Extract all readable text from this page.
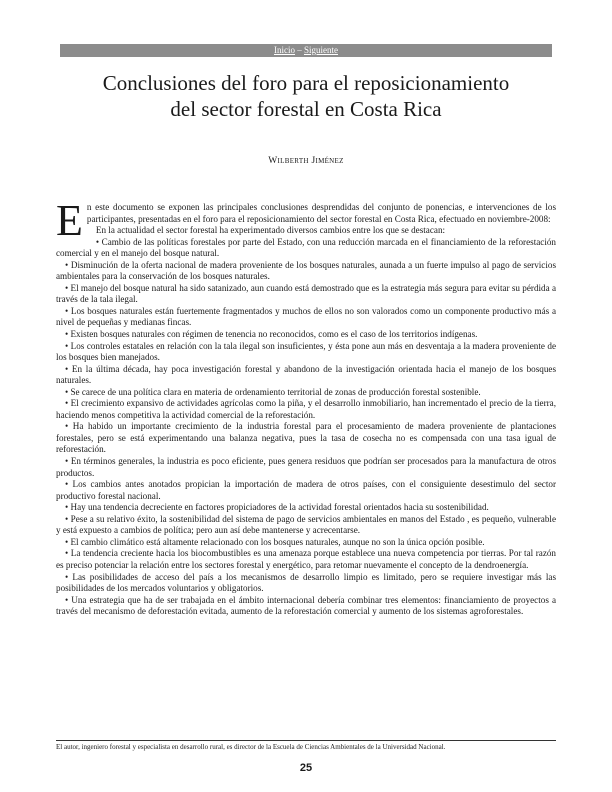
Inicio – Siguiente
Conclusiones del foro para el reposicionamiento
del sector forestal en Costa Rica
Wilberth Jiménez

En este documento se exponen las principales conclusiones desprendidas del conjunto de ponencias, e intervenciones de los participantes, presentadas en el foro para el reposicionamiento del sector forestal en Costa Rica, efectuado en noviembre-2008:

En la actualidad el sector forestal ha experimentado diversos cambios entre los que se destacan:

• Cambio de las políticas forestales por parte del Estado, con una reducción marcada en el financiamiento de la reforestación comercial y en el manejo del bosque natural.

• Disminución de la oferta nacional de madera proveniente de los bosques naturales, aunada a un fuerte impulso al pago de servicios ambientales para la conservación de los bosques naturales.

• El manejo del bosque natural ha sido satanizado, aun cuando está demostrado que es la estrategia más segura para evitar su pérdida a través de la tala ilegal.

• Los bosques naturales están fuertemente fragmentados y muchos de ellos no son valorados como un componente productivo más a nivel de pequeñas y medianas fincas.

• Existen bosques naturales con régimen de tenencia no reconocidos, como es el caso de los territorios indígenas.

• Los controles estatales en relación con la tala ilegal son insuficientes, y ésta pone aun más en desventaja a la madera proveniente de los bosques bien manejados.

• En la última década, hay poca investigación forestal y abandono de la investigación orientada hacia el manejo de los bosques naturales.

• Se carece de una política clara en materia de ordenamiento territorial de zonas de producción forestal sostenible.

• El crecimiento expansivo de actividades agrícolas como la piña, y el desarrollo inmobiliario, han incrementado el precio de la tierra, haciendo menos competitiva la actividad comercial de la reforestación.

• Ha habido un importante crecimiento de la industria forestal para el procesamiento de madera proveniente de plantaciones forestales, pero se está experimentando una balanza negativa, pues la tasa de cosecha no es compensada con una tasa igual de reforestación.

• En términos generales, la industria es poco eficiente, pues genera residuos que podrían ser procesados para la manufactura de otros productos.

• Los cambios antes anotados propician la importación de madera de otros países, con el consiguiente desestimulo del sector productivo forestal nacional.

• Hay una tendencia decreciente en factores propiciadores de la actividad forestal orientados hacia su sostenibilidad.

• Pese a su relativo éxito, la sostenibilidad del sistema de pago de servicios ambientales en manos del Estado , es pequeño, vulnerable y está expuesto a cambios de política; pero aun así debe mantenerse y acrecentarse.

• El cambio climático está altamente relacionado con los bosques naturales, aunque no son la única opción posible.

• La tendencia creciente hacia los biocombustibles es una amenaza porque establece una nueva competencia por tierras. Por tal razón es preciso potenciar la relación entre los sectores forestal y energético, para retomar nuevamente el concepto de la dendroenergía.

• Las posibilidades de acceso del país a los mecanismos de desarrollo limpio es limitado, pero se requiere investigar más las posibilidades de los mercados voluntarios y obligatorios.

• Una estrategia que ha de ser trabajada en el ámbito internacional debería combinar tres elementos: financiamiento de proyectos a través del mecanismo de deforestación evitada, aumento de la reforestación comercial y aumento de los sistemas agroforestales.

El autor, ingeniero forestal y especialista en desarrollo rural, es director de la Escuela de Ciencias Ambientales de la Universidad Nacional.
25
